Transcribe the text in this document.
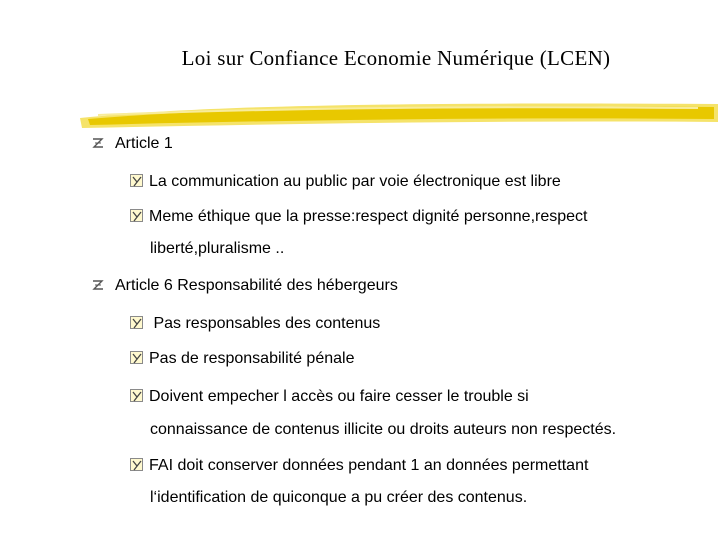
Loi sur Confiance Economie Numérique (LCEN)
Article 1
La communication au public par voie électronique est libre
Meme éthique que la presse:respect dignité personne,respect
liberté,pluralisme ..
Article 6 Responsabilité des hébergeurs
Pas responsables des contenus
Pas de responsabilité pénale
Doivent empecher l accès ou faire cesser le trouble si
connaissance de contenus illicite ou droits auteurs non respectés.
FAI doit conserver données pendant 1 an données permettant
l‘identification de quiconque a pu créer des contenus.
